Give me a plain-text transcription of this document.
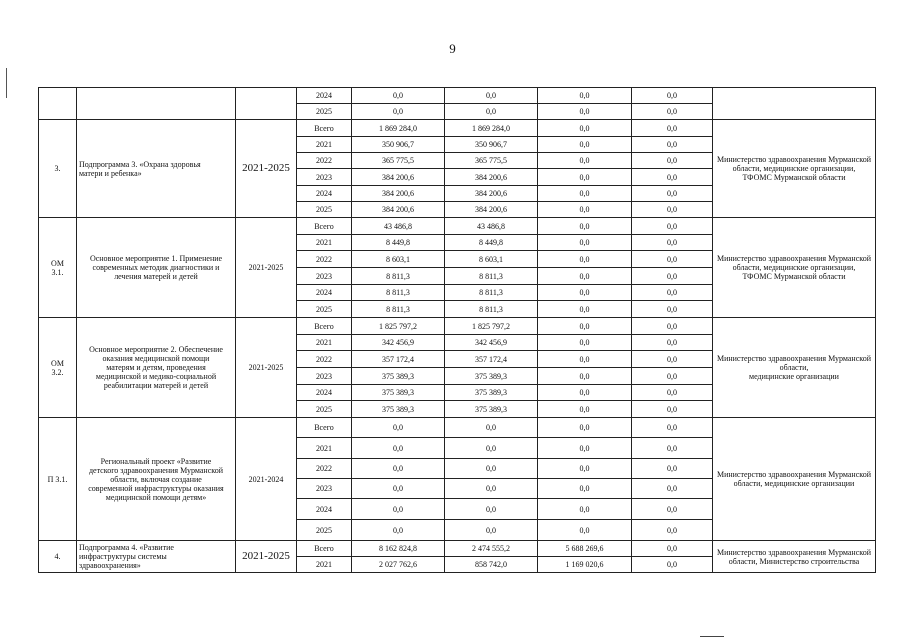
9
			2024	0,0	0,0	0,0	0,0	
			2025	0,0	0,0	0,0	0,0	
3.	Подпрограмма 3. «Охрана здоровья
матери и ребенка»	2021-2025	Всего	1 869 284,0	1 869 284,0	0,0	0,0	Министерство здравоохранения Мурманской
области, медицинские организации,
ТФОМС Мурманской области
			2021	350 906,7	350 906,7	0,0	0,0	
			2022	365 775,5	365 775,5	0,0	0,0	
			2023	384 200,6	384 200,6	0,0	0,0	
			2024	384 200,6	384 200,6	0,0	0,0	
			2025	384 200,6	384 200,6	0,0	0,0	
ОМ
3.1.	Основное мероприятие 1. Применение
современных методик диагностики и
лечения матерей и детей	2021-2025	Всего	43 486,8	43 486,8	0,0	0,0	Министерство здравоохранения Мурманской
области, медицинские организации,
ТФОМС Мурманской области
			2021	8 449,8	8 449,8	0,0	0,0	
			2022	8 603,1	8 603,1	0,0	0,0	
			2023	8 811,3	8 811,3	0,0	0,0	
			2024	8 811,3	8 811,3	0,0	0,0	
			2025	8 811,3	8 811,3	0,0	0,0	
ОМ
3.2.	Основное мероприятие 2. Обеспечение
оказания медицинской помощи
матерям и детям, проведения
медицинской и медико-социальной
реабилитации матерей и детей	2021-2025	Всего	1 825 797,2	1 825 797,2	0,0	0,0	Министерство здравоохранения Мурманской
области,
медицинские организации
			2021	342 456,9	342 456,9	0,0	0,0	
			2022	357 172,4	357 172,4	0,0	0,0	
			2023	375 389,3	375 389,3	0,0	0,0	
			2024	375 389,3	375 389,3	0,0	0,0	
			2025	375 389,3	375 389,3	0,0	0,0	
П 3.1.	Региональный проект «Развитие
детского здравоохранения Мурманской
области, включая создание
современной инфраструктуры оказания
медицинской помощи детям»	2021-2024	Всего	0,0	0,0	0,0	0,0	Министерство здравоохранения Мурманской
области, медицинские организации
			2021	0,0	0,0	0,0	0,0	
			2022	0,0	0,0	0,0	0,0	
			2023	0,0	0,0	0,0	0,0	
			2024	0,0	0,0	0,0	0,0	
			2025	0,0	0,0	0,0	0,0	
4.	Подпрограмма 4. «Развитие
инфраструктуры системы
здравоохранения»	2021-2025	Всего	8 162 824,8	2 474 555,2	5 688 269,6	0,0	Министерство здравоохранения Мурманской
области, Министерство строительства
			2021	2 027 762,6	858 742,0	1 169 020,6	0,0	
